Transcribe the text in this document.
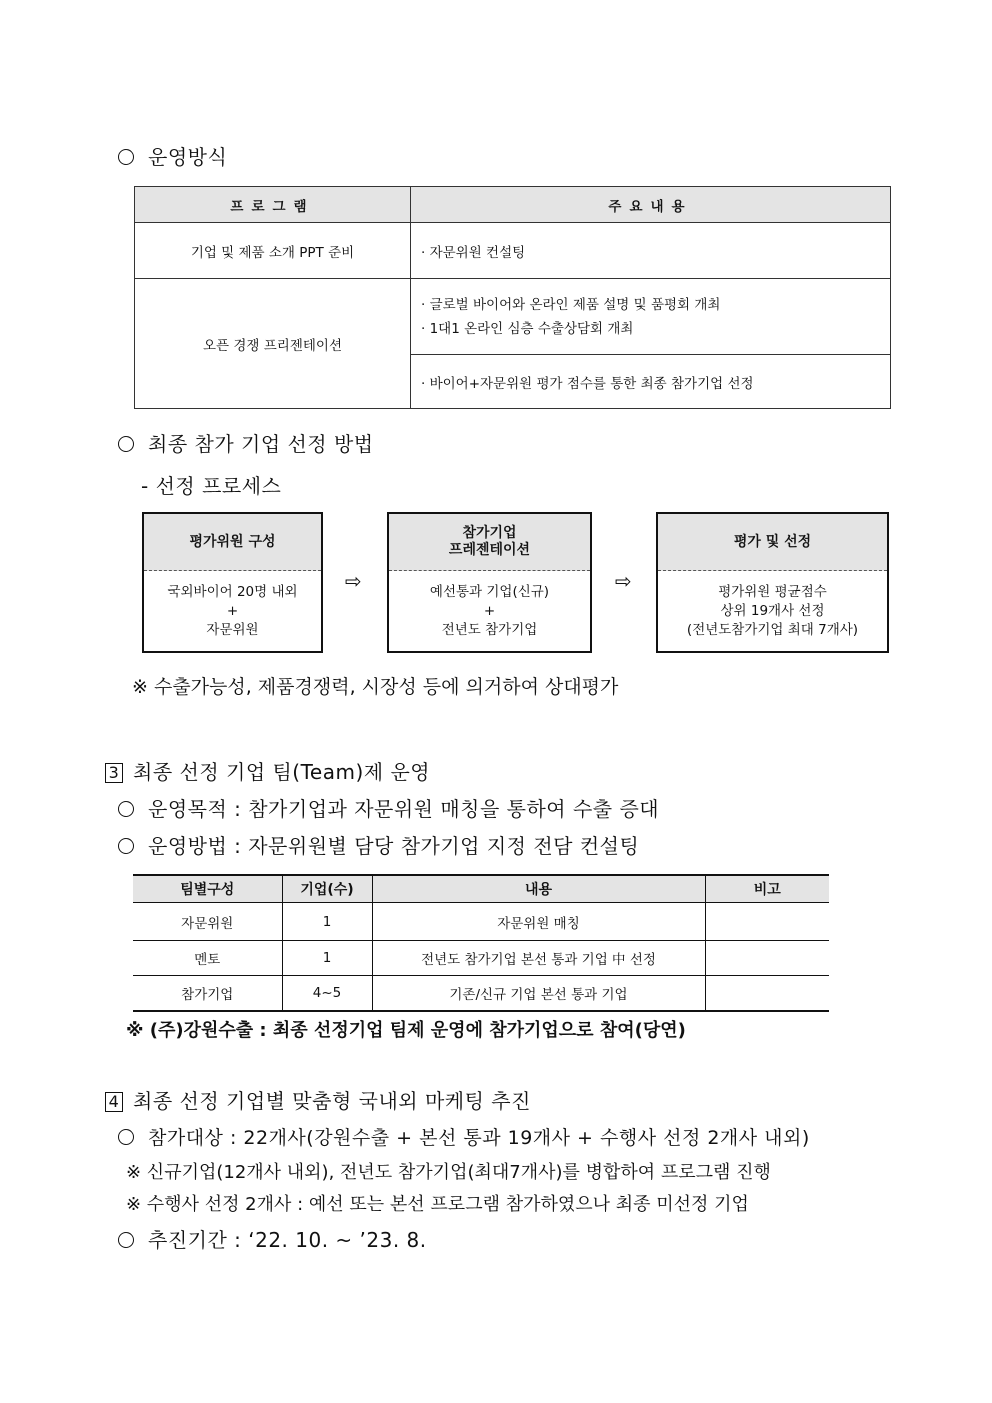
운영방식
프로그램	주요내용
기업 및 제품 소개 PPT 준비	· 자문위원 컨설팅
오픈 경쟁 프리젠테이션	· 글로벌 바이어와 온라인 제품 설명 및 품평회 개최
· 1대1 온라인 심층 수출상담회 개최

	· 바이어+자문위원 평가 점수를 통한 최종 참가기업 선정
최종 참가 기업 선정 방법
- 선정 프로세스
평가위원 구성
국외바이어 20명 내외
+
자문위원
⇨
참가기업
프레젠테이션
예선통과 기업(신규)
+
전년도 참가기업
⇨
평가 및 선정
평가위원 평균점수
상위 19개사 선정
(전년도참가기업 최대 7개사)
※ 수출가능성, 제품경쟁력, 시장성 등에 의거하여 상대평가
3 최종 선정 기업 팀(Team)제 운영
운영목적 : 참가기업과 자문위원 매칭을 통하여 수출 증대
운영방법 : 자문위원별 담당 참가기업 지정 전담 컨설팅
팀별구성	기업(수)	내용	비고
자문위원	1	자문위원 매칭	
멘토	1	전년도 참가기업 본선 통과 기업 中 선정	
참가기업	4~5	기존/신규 기업 본선 통과 기업	
※ (주)강원수출 : 최종 선정기업 팀제 운영에 참가기업으로 참여(당연)
4 최종 선정 기업별 맞춤형 국내외 마케팅 추진
참가대상 : 22개사(강원수출 + 본선 통과 19개사 + 수행사 선정 2개사 내외)
※ 신규기업(12개사 내외), 전년도 참가기업(최대7개사)를 병합하여 프로그램 진행
※ 수행사 선정 2개사 : 예선 또는 본선 프로그램 참가하였으나 최종 미선정 기업
추진기간 : ‘22. 10. ~ ’23. 8.
